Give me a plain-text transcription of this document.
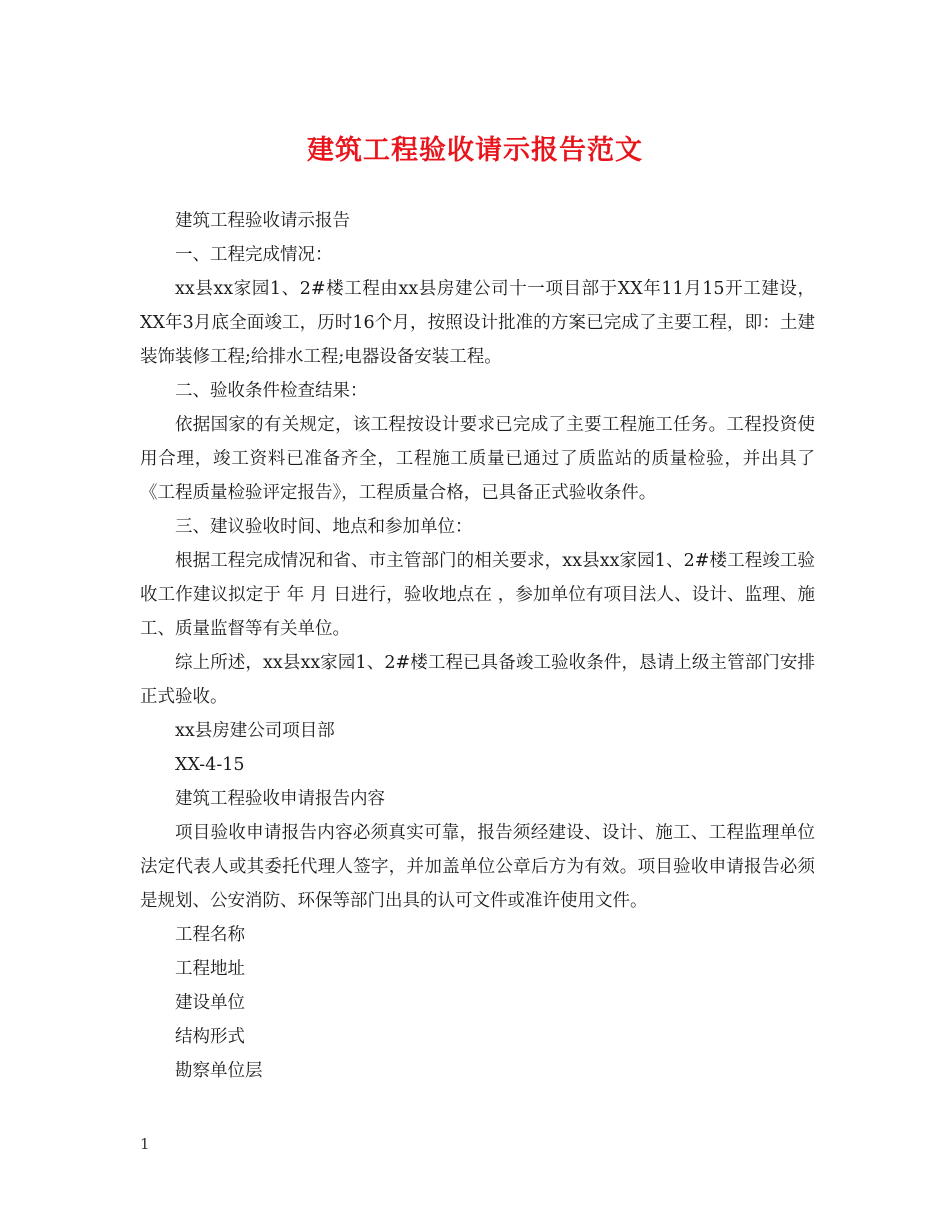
建筑工程验收请示报告范文

建筑工程验收请示报告

一、工程完成情况：

xx县xx家园1、2#楼工程由xx县房建公司十一项目部于XX年11月15开工建设， XX年3月底全面竣工，历时16个月，按照设计批准的方案已完成了主要工程，即：土建装饰装修工程;给排水工程;电器设备安装工程。

二、验收条件检查结果：

依据国家的有关规定，该工程按设计要求已完成了主要工程施工任务。工程投资使用合理，竣工资料已准备齐全，工程施工质量已通过了质监站的质量检验，并出具了《工程质量检验评定报告》，工程质量合格，已具备正式验收条件。

三、建议验收时间、地点和参加单位：

根据工程完成情况和省、市主管部门的相关要求，xx县xx家园1、2#楼工程竣工验收工作建议拟定于 年 月 日进行，验收地点在 ，参加单位有项目法人、设计、监理、施工、质量监督等有关单位。

综上所述，xx县xx家园1、2#楼工程已具备竣工验收条件，恳请上级主管部门安排正式验收。

xx县房建公司项目部

XX-4-15

建筑工程验收申请报告内容

项目验收申请报告内容必须真实可靠，报告须经建设、设计、施工、工程监理单位法定代表人或其委托代理人签字，并加盖单位公章后方为有效。项目验收申请报告必须是规划、公安消防、环保等部门出具的认可文件或准许使用文件。

工程名称

工程地址

建设单位

结构形式

勘察单位层

1
